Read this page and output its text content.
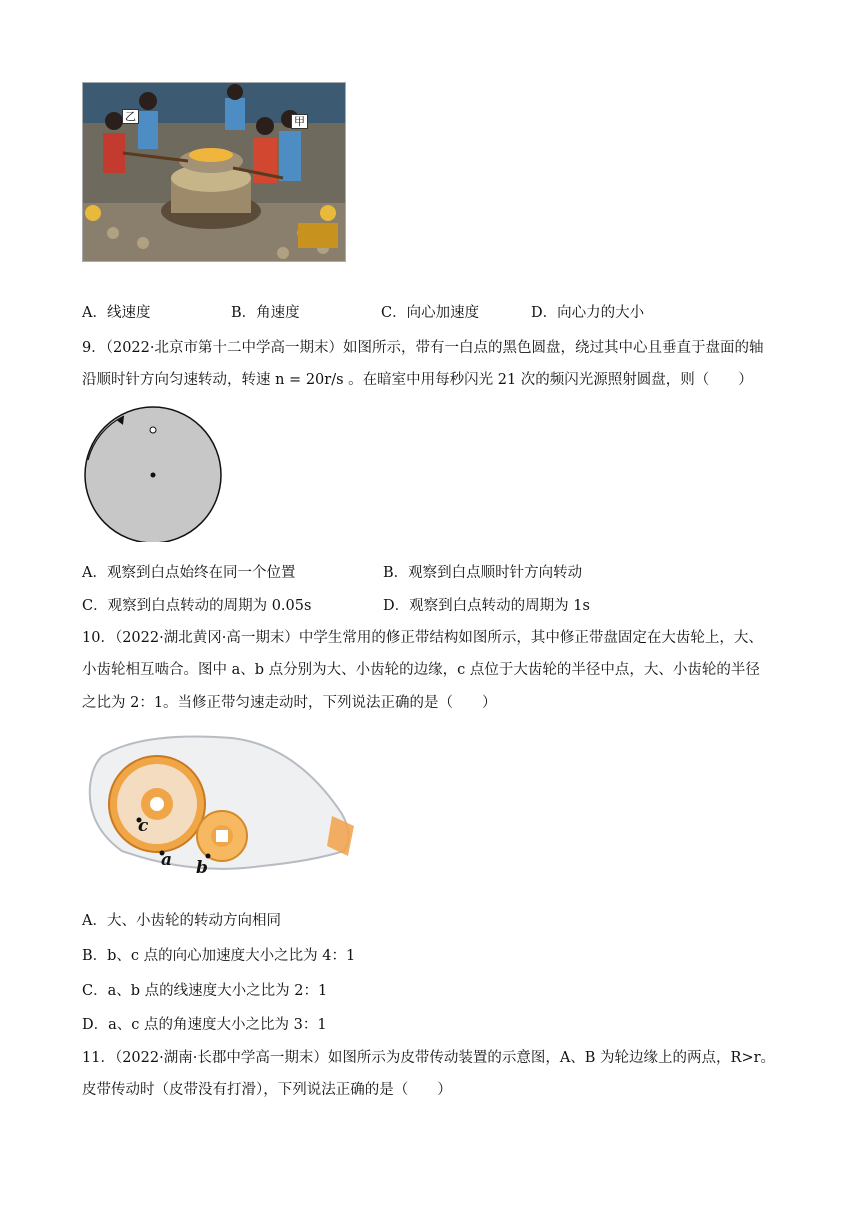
乙	甲
A．线速度	B．角速度	C．向心加速度	D．向心力的大小
9．（2022·北京市第十二中学高一期末）如图所示，带有一白点的黑色圆盘，绕过其中心且垂直于盘面的轴
沿顺时针方向匀速转动，转速 n = 20r/s 。在暗室中用每秒闪光 21 次的频闪光源照射圆盘，则（　　）
A．观察到白点始终在同一个位置	B．观察到白点顺时针方向转动
C．观察到白点转动的周期为 0.05s	D．观察到白点转动的周期为 1s
10．（2022·湖北黄冈·高一期末）中学生常用的修正带结构如图所示，其中修正带盘固定在大齿轮上，大、
小齿轮相互啮合。图中 a、b 点分别为大、小齿轮的边缘，c 点位于大齿轮的半径中点，大、小齿轮的半径
之比为 2：1。当修正带匀速走动时，下列说法正确的是（　　）
c
a b
A．大、小齿轮的转动方向相同
B．b、c 点的向心加速度大小之比为 4：1
C．a、b 点的线速度大小之比为 2：1
D．a、c 点的角速度大小之比为 3：1
11．（2022·湖南·长郡中学高一期末）如图所示为皮带传动装置的示意图，A、B 为轮边缘上的两点，R>r。
皮带传动时（皮带没有打滑），下列说法正确的是（　　）
